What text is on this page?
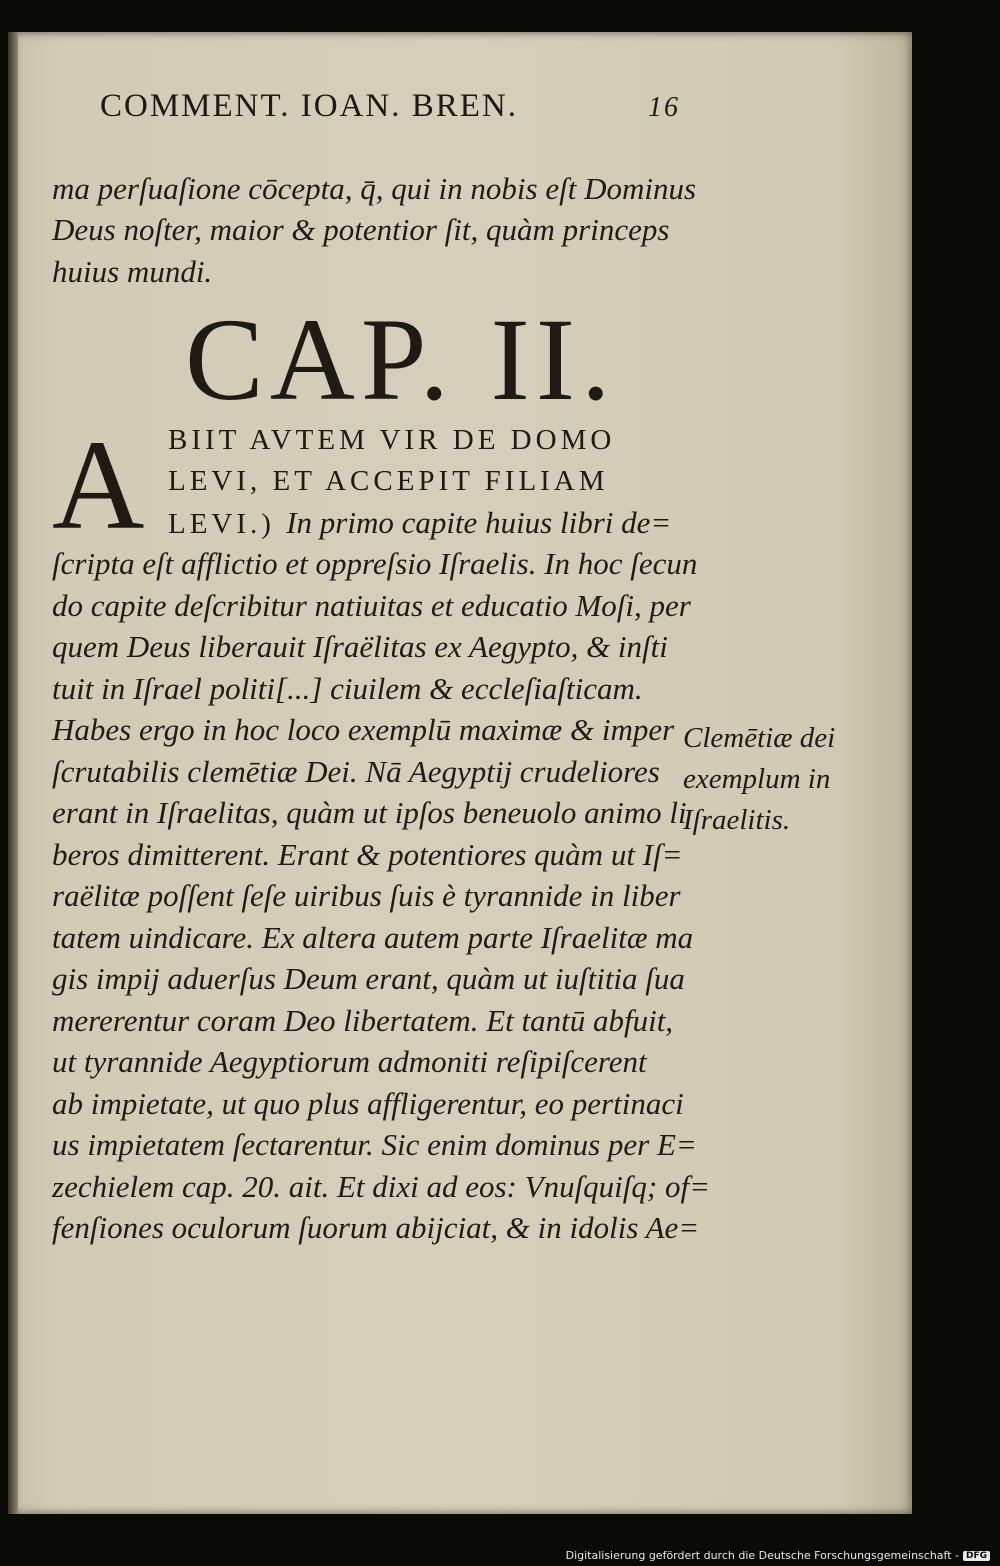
COMMENT. IOAN. BREN.	16
ma perſuaſione cōcepta, q̄, qui in nobis eſt Dominus
Deus noſter, maior & potentior ſit, quàm princeps
huius mundi.
CAP. II.
A BIIT AVTEM VIR DE DOMO
LEVI, ET ACCEPIT FILIAM
LEVI.) In primo capite huius libri de=
ſcripta eſt afflictio et oppreſsio Iſraelis. In hoc ſecun
do capite deſcribitur natiuitas et educatio Moſi, per
quem Deus liberauit Iſraëlitas ex Aegypto, & inſti
tuit in Iſrael politi[...] ciuilem & eccleſiaſticam.
Habes ergo in hoc loco exemplū maximæ & imper
ſcrutabilis clemētiæ Dei. Nā Aegyptij crudeliores
erant in Iſraelitas, quàm ut ipſos beneuolo animo li
beros dimitterent. Erant & potentiores quàm ut Iſ=
raëlitæ poſſent ſeſe uiribus ſuis è tyrannide in liber
tatem uindicare. Ex altera autem parte Iſraelitæ ma
gis impij aduerſus Deum erant, quàm ut iuſtitia ſua
mererentur coram Deo libertatem. Et tantū abfuit,
ut tyrannide Aegyptiorum admoniti reſipiſcerent
ab impietate, ut quo plus affligerentur, eo pertinaci
us impietatem ſectarentur. Sic enim dominus per E=
zechielem cap. 20. ait. Et dixi ad eos: Vnuſquiſq; of=
fenſiones oculorum ſuorum abijciat, & in idolis Ae=
Clemētiæ dei
exemplum in
Iſraelitis.
Digitalisierung gefördert durch die Deutsche Forschungsgemeinschaft - DFG
